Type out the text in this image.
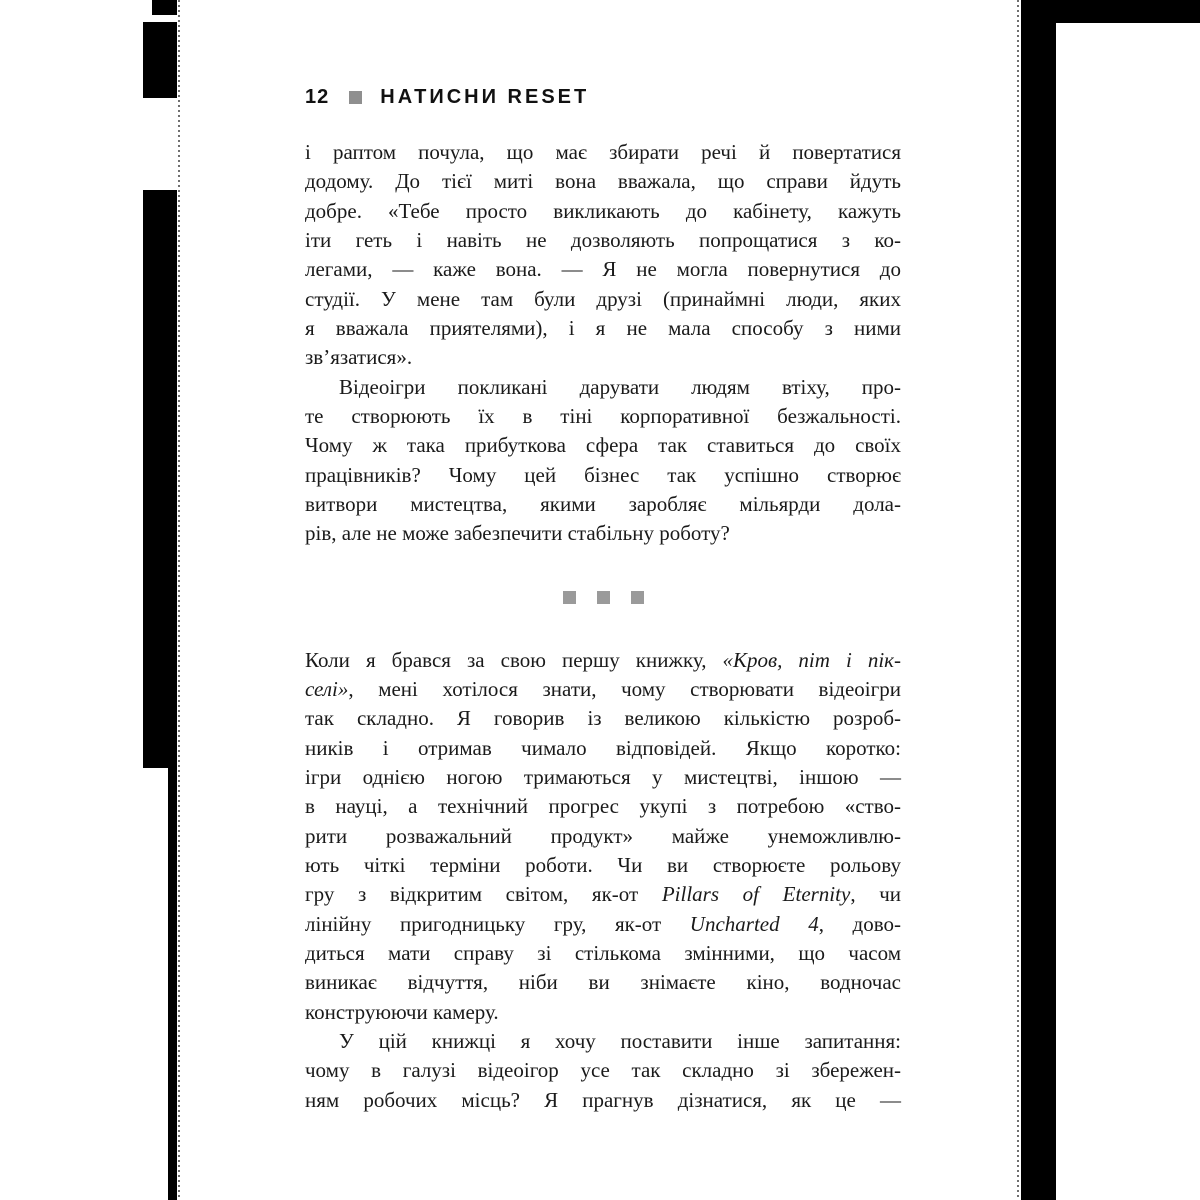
12	НАТИСНИ RESET
і раптом почула, що має збирати речі й повертатися
додому. До тієї миті вона вважала, що справи йдуть
добре. «Тебе просто викликають до кабінету, кажуть
іти геть і навіть не дозволяють попрощатися з ко-
легами, — каже вона. — Я не могла повернутися до
студії. У мене там були друзі (принаймні люди, яких
я вважала приятелями), і я не мала способу з ними
зв’язатися».
Відеоігри покликані дарувати людям втіху, про-
те створюють їх в тіні корпоративної безжальності.
Чому ж така прибуткова сфера так ставиться до своїх
працівників? Чому цей бізнес так успішно створює
витвори мистецтва, якими заробляє мільярди дола-
рів, але не може забезпечити стабільну роботу?
Коли я брався за свою першу книжку, «Кров, піт і пік-
селі», мені хотілося знати, чому створювати відеоігри
так складно. Я говорив із великою кількістю розроб-
ників і отримав чимало відповідей. Якщо коротко:
ігри однією ногою тримаються у мистецтві, іншою —
в науці, а технічний прогрес укупі з потребою «ство-
рити розважальний продукт» майже унеможливлю-
ють чіткі терміни роботи. Чи ви створюєте рольову
гру з відкритим світом, як-от Pillars of Eternity, чи
лінійну пригодницьку гру, як-от Uncharted 4, дово-
диться мати справу зі стількома змінними, що часом
виникає відчуття, ніби ви знімаєте кіно, водночас
конструюючи камеру.
У цій книжці я хочу поставити інше запитання:
чому в галузі відеоігор усе так складно зі збережен-
ням робочих місць? Я прагнув дізнатися, як це —
